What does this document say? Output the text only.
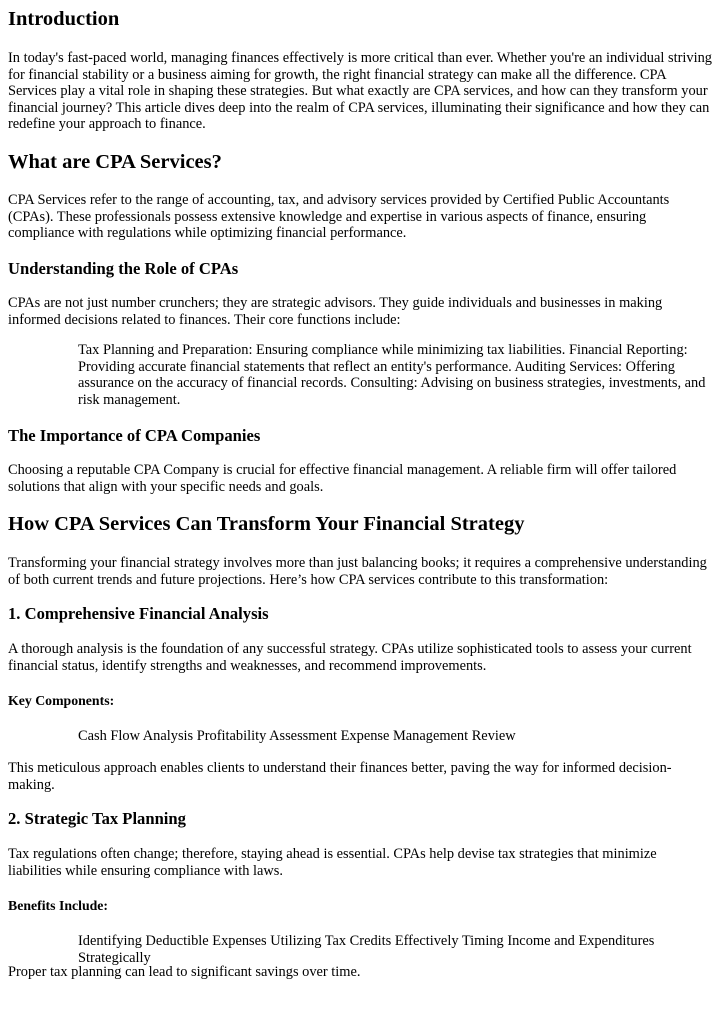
Introduction

In today's fast-paced world, managing finances effectively is more critical than ever. Whether you're an individual striving for financial stability or a business aiming for growth, the right financial strategy can make all the difference. CPA Services play a vital role in shaping these strategies. But what exactly are CPA services, and how can they transform your financial journey? This article dives deep into the realm of CPA services, illuminating their significance and how they can redefine your approach to finance.

What are CPA Services?

CPA Services refer to the range of accounting, tax, and advisory services provided by Certified Public Accountants (CPAs). These professionals possess extensive knowledge and expertise in various aspects of finance, ensuring compliance with regulations while optimizing financial performance.

Understanding the Role of CPAs

CPAs are not just number crunchers; they are strategic advisors. They guide individuals and businesses in making informed decisions related to finances. Their core functions include:

Tax Planning and Preparation: Ensuring compliance while minimizing tax liabilities. Financial Reporting: Providing accurate financial statements that reflect an entity's performance. Auditing Services: Offering assurance on the accuracy of financial records. Consulting: Advising on business strategies, investments, and risk management.
The Importance of CPA Companies

Choosing a reputable CPA Company is crucial for effective financial management. A reliable firm will offer tailored solutions that align with your specific needs and goals.

How CPA Services Can Transform Your Financial Strategy

Transforming your financial strategy involves more than just balancing books; it requires a comprehensive understanding of both current trends and future projections. Here’s how CPA services contribute to this transformation:

1. Comprehensive Financial Analysis

A thorough analysis is the foundation of any successful strategy. CPAs utilize sophisticated tools to assess your current financial status, identify strengths and weaknesses, and recommend improvements.

Key Components:
Cash Flow Analysis Profitability Assessment Expense Management Review

This meticulous approach enables clients to understand their finances better, paving the way for informed decision-making.

2. Strategic Tax Planning

Tax regulations often change; therefore, staying ahead is essential. CPAs help devise tax strategies that minimize liabilities while ensuring compliance with laws.

Benefits Include:
Identifying Deductible Expenses Utilizing Tax Credits Effectively Timing Income and Expenditures Strategically

Proper tax planning can lead to significant savings over time.
